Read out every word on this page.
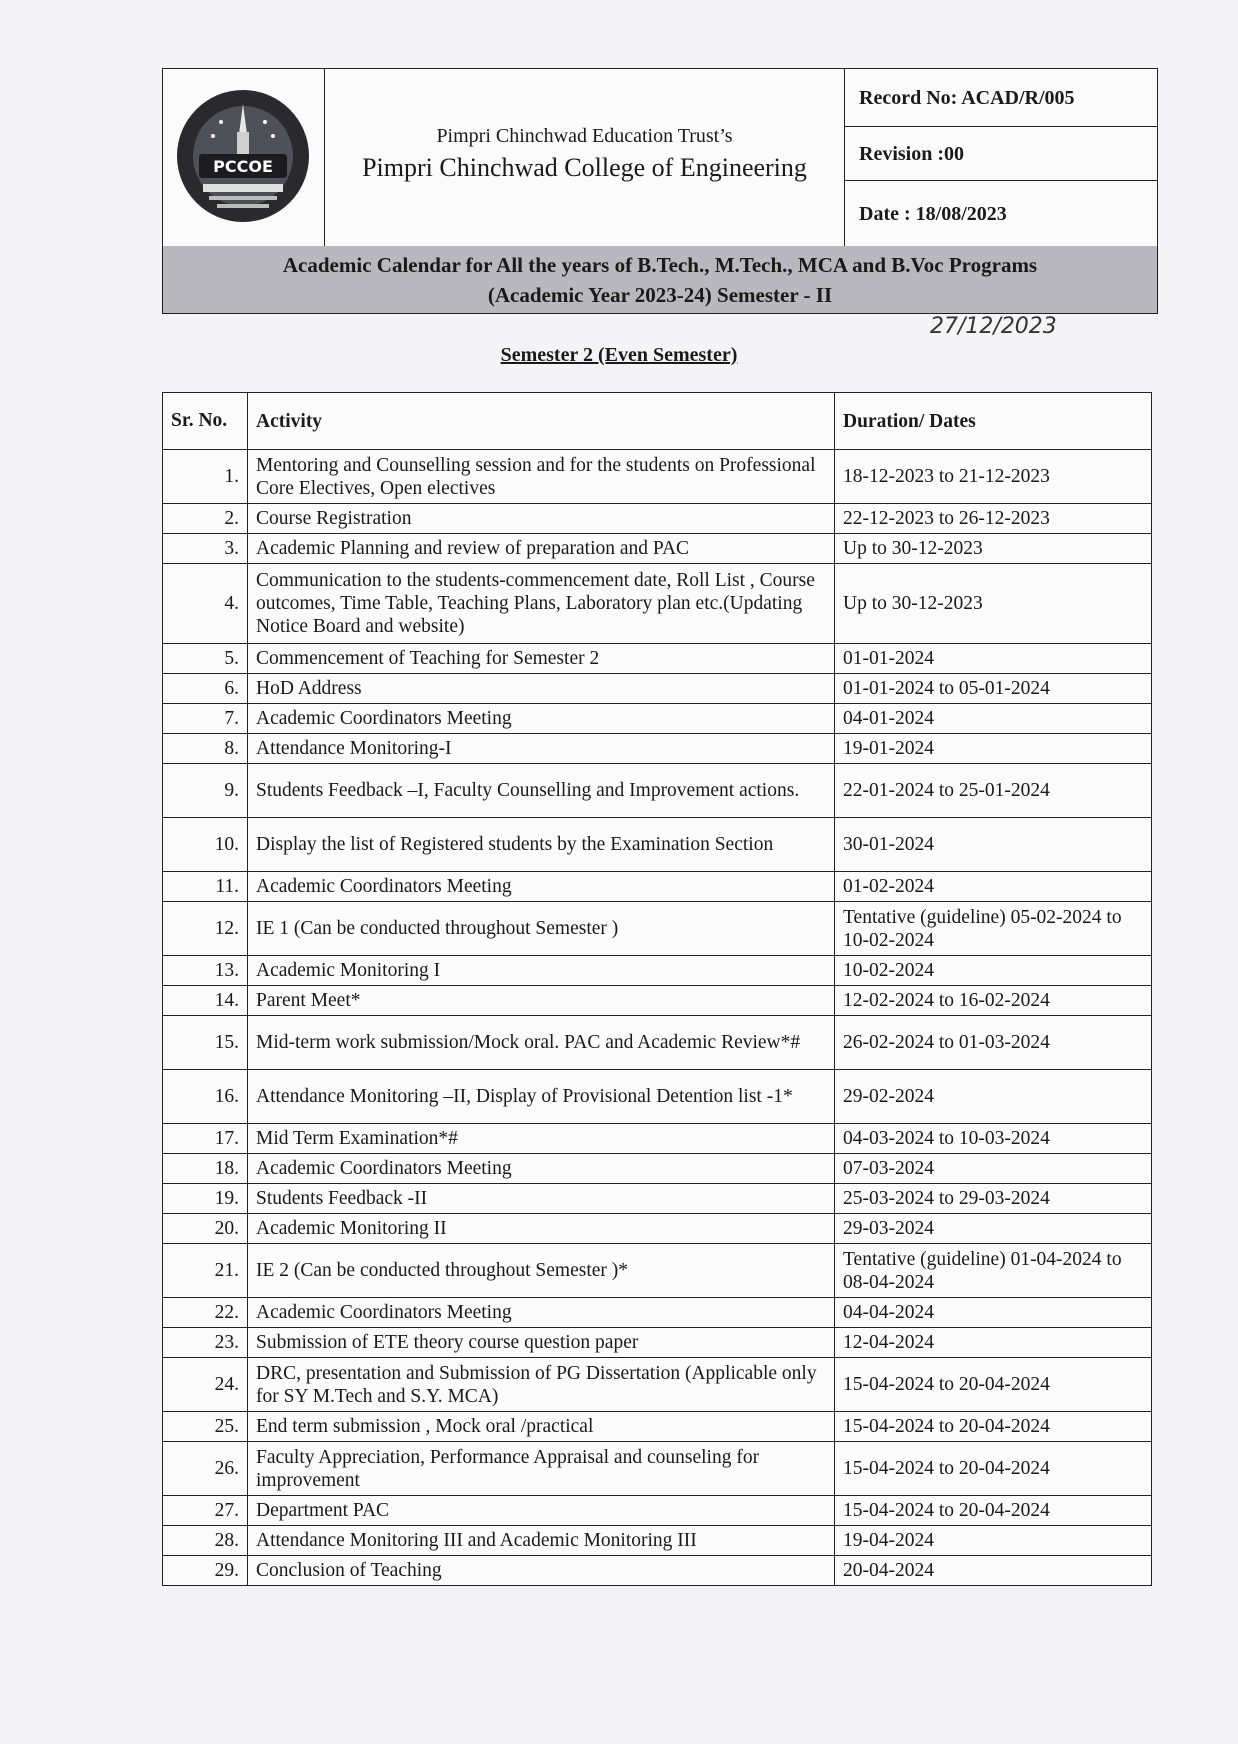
PCCOE
Pimpri Chinchwad Education Trust’s
Pimpri Chinchwad College of Engineering
Record No: ACAD/R/005
Revision :00
Date : 18/08/2023
Academic Calendar for All the years of B.Tech., M.Tech., MCA and B.Voc Programs
(Academic Year 2023-24) Semester - II
27/12/2023
Semester 2 (Even Semester)
Sr. No.	Activity	Duration/ Dates
1.	Mentoring and Counselling session and for the students on Professional Core Electives, Open electives	18-12-2023 to 21-12-2023
2.	Course Registration	22-12-2023 to 26-12-2023
3.	Academic Planning and review of preparation and PAC	Up to 30-12-2023
4.	Communication to the students-commencement date, Roll List , Course outcomes, Time Table, Teaching Plans, Laboratory plan etc.(Updating Notice Board and website)	Up to 30-12-2023
5.	Commencement of Teaching for Semester 2	01-01-2024
6.	HoD Address	01-01-2024 to 05-01-2024
7.	Academic Coordinators Meeting	04-01-2024
8.	Attendance Monitoring-I	19-01-2024
9.	Students Feedback –I, Faculty Counselling and Improvement actions.	22-01-2024 to 25-01-2024
10.	Display the list of Registered students by the Examination Section	30-01-2024
11.	Academic Coordinators Meeting	01-02-2024
12.	IE 1 (Can be conducted throughout Semester )	Tentative (guideline) 05-02-2024 to 10-02-2024
13.	Academic Monitoring I	10-02-2024
14.	Parent Meet*	12-02-2024 to 16-02-2024
15.	Mid-term work submission/Mock oral. PAC and Academic Review*#	26-02-2024 to 01-03-2024
16.	Attendance Monitoring –II, Display of Provisional Detention list -1*	29-02-2024
17.	Mid Term Examination*#	04-03-2024 to 10-03-2024
18.	Academic Coordinators Meeting	07-03-2024
19.	Students Feedback -II	25-03-2024 to 29-03-2024
20.	Academic Monitoring II	29-03-2024
21.	IE 2 (Can be conducted throughout Semester )*	Tentative (guideline) 01-04-2024 to 08-04-2024
22.	Academic Coordinators Meeting	04-04-2024
23.	Submission of ETE theory course question paper	12-04-2024
24.	DRC, presentation and Submission of PG Dissertation (Applicable only for SY M.Tech and S.Y. MCA)	15-04-2024 to 20-04-2024
25.	End term submission , Mock oral /practical	15-04-2024 to 20-04-2024
26.	Faculty Appreciation, Performance Appraisal and counseling for improvement	15-04-2024 to 20-04-2024
27.	Department PAC	15-04-2024 to 20-04-2024
28.	Attendance Monitoring III and Academic Monitoring III	19-04-2024
29.	Conclusion of Teaching	20-04-2024
